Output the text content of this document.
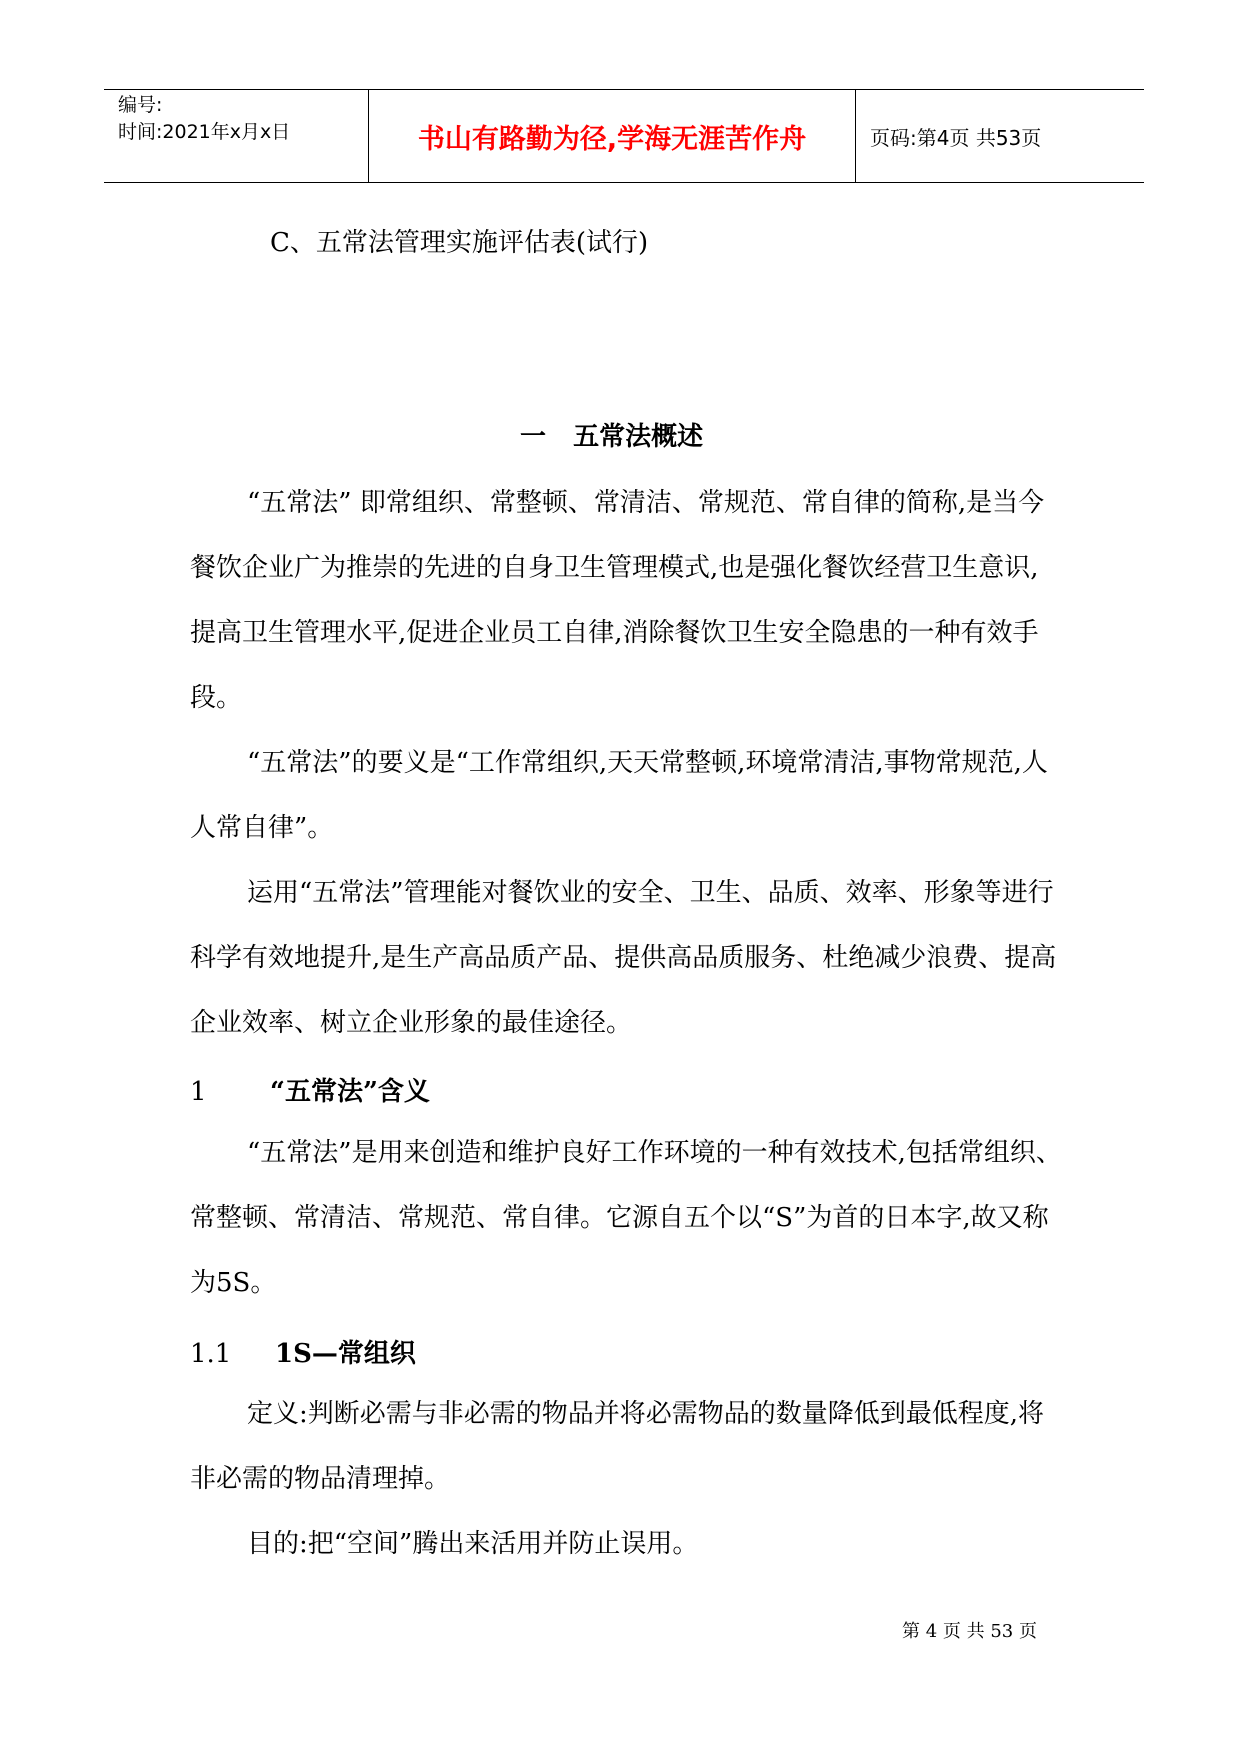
编号:
时间:2021年x月x日	书山有路勤为径,学海无涯苦作舟	页码:第4页 共53页
C、五常法管理实施评估表(试行)
一   五常法概述
“五常法” 即常组织、常整顿、常清洁、常规范、常自律的简称,是当今餐饮企业广为推崇的先进的自身卫生管理模式,也是强化餐饮经营卫生意识,提高卫生管理水平,促进企业员工自律,消除餐饮卫生安全隐患的一种有效手段。
“五常法”的要义是“工作常组织,天天常整顿,环境常清洁,事物常规范,人人常自律”。
运用“五常法”管理能对餐饮业的安全、卫生、品质、效率、形象等进行科学有效地提升,是生产高品质产品、提供高品质服务、杜绝减少浪费、提高企业效率、树立企业形象的最佳途径。
1 “五常法”含义
“五常法”是用来创造和维护良好工作环境的一种有效技术,包括常组织、常整顿、常清洁、常规范、常自律。它源自五个以“S”为首的日本字,故又称为5S。
1.1 1S—常组织
定义:判断必需与非必需的物品并将必需物品的数量降低到最低程度,将非必需的物品清理掉。
目的:把“空间”腾出来活用并防止误用。
第 4 页 共 53 页
